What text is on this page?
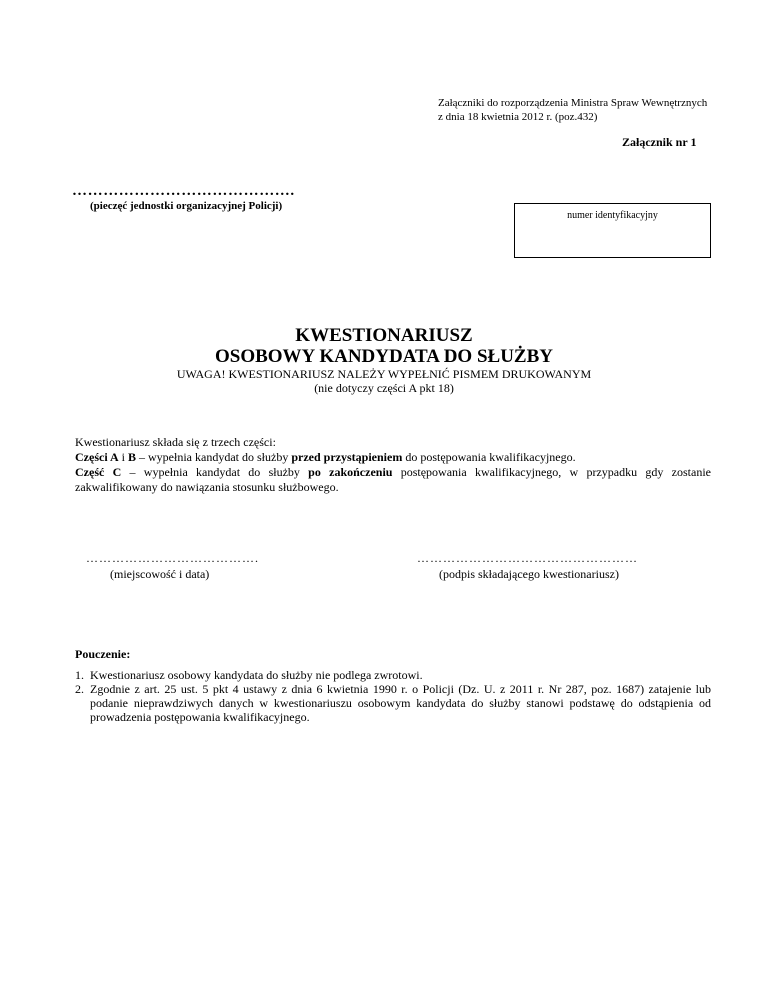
Załączniki do rozporządzenia Ministra Spraw Wewnętrznych
z dnia 18 kwietnia 2012 r. (poz.432)
Załącznik nr 1
…………………………………….
(pieczęć jednostki organizacyjnej Policji)
numer identyfikacyjny
KWESTIONARIUSZ
OSOBOWY KANDYDATA DO SŁUŻBY
UWAGA! KWESTIONARIUSZ NALEŻY WYPEŁNIĆ PISMEM DRUKOWANYM
(nie dotyczy części A pkt 18)

Kwestionariusz składa się z trzech części:

Części A i B – wypełnia kandydat do służby przed przystąpieniem do postępowania kwalifikacyjnego.

Część C – wypełnia kandydat do służby po zakończeniu postępowania kwalifikacyjnego, w przypadku gdy zostanie zakwalifikowany do nawiązania stosunku służbowego.

………………………………….
(miejscowość i data)
……………………………………………
(podpis składającego kwestionariusz)
Pouczenie:
1. Kwestionariusz osobowy kandydata do służby nie podlega zwrotowi.
2. Zgodnie z art. 25 ust. 5 pkt 4 ustawy z dnia 6 kwietnia 1990 r. o Policji (Dz. U. z 2011 r. Nr 287, poz. 1687) zatajenie lub podanie nieprawdziwych danych w kwestionariuszu osobowym kandydata do służby stanowi podstawę do odstąpienia od prowadzenia postępowania kwalifikacyjnego.
